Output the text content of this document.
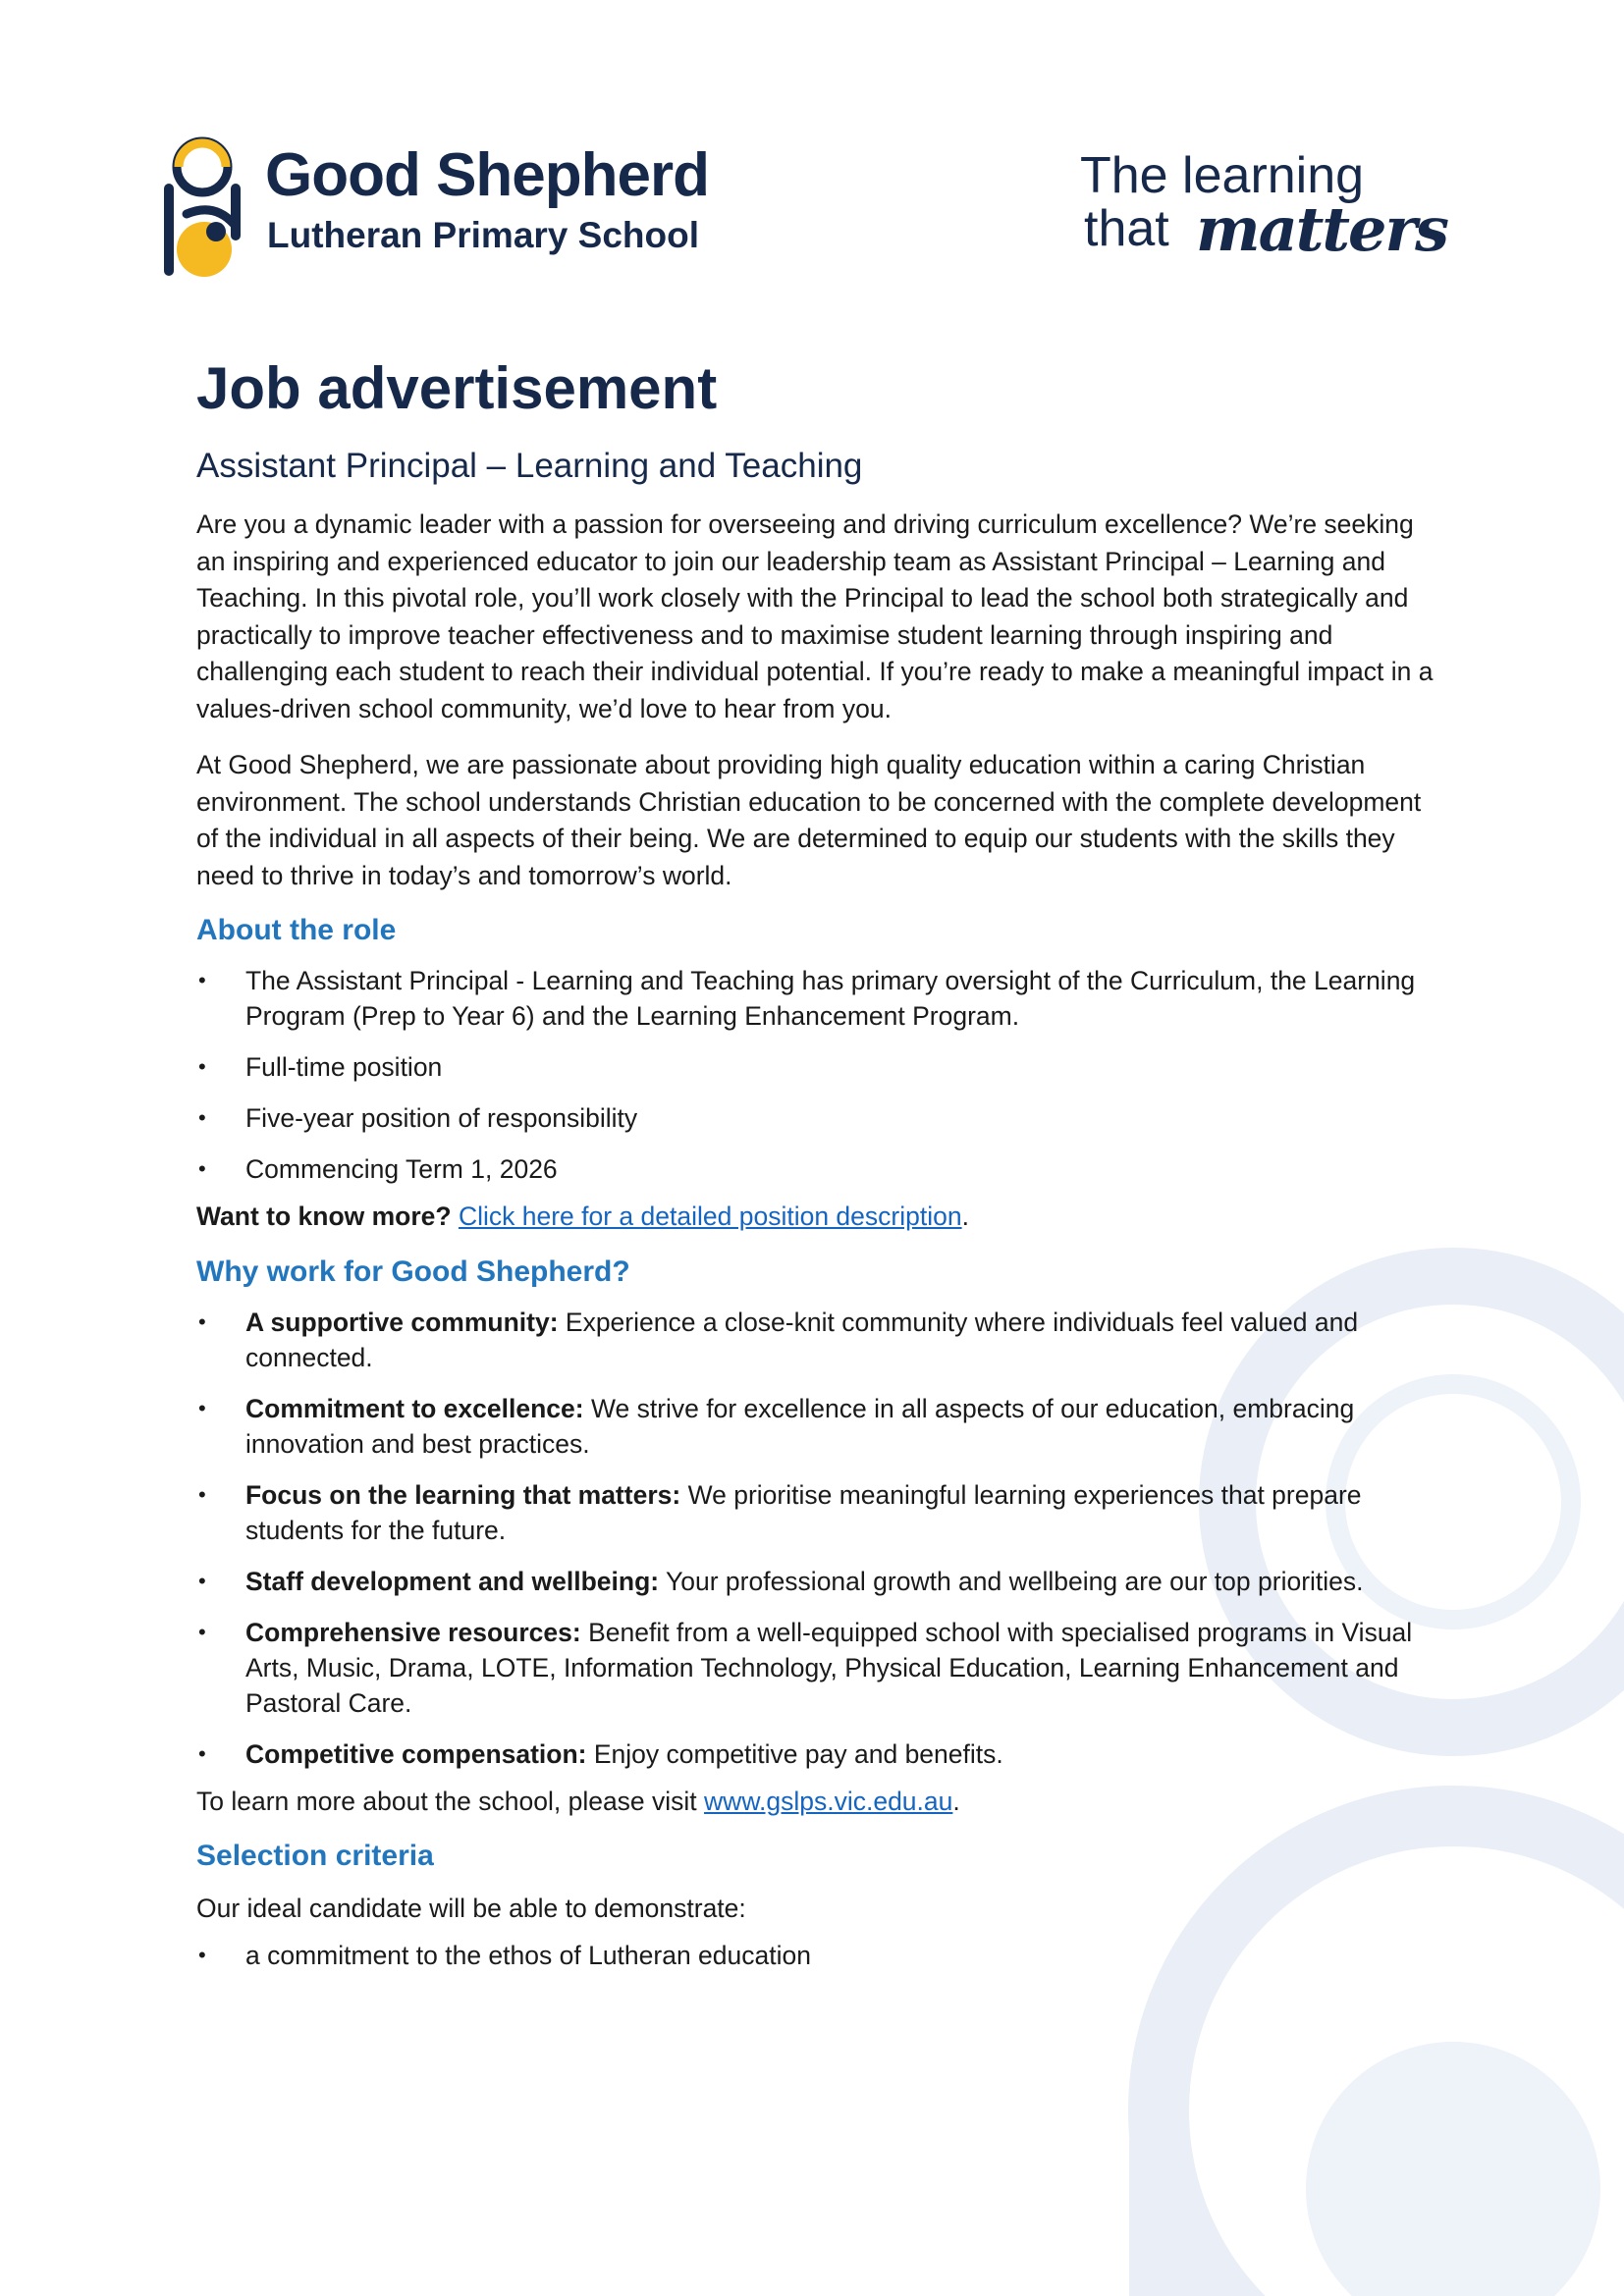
Good Shepherd
Lutheran Primary School
The learning
that matters
Job advertisement
Assistant Principal – Learning and Teaching

Are you a dynamic leader with a passion for overseeing and driving curriculum excellence? We’re seeking an inspiring and experienced educator to join our leadership team as Assistant Principal – Learning and Teaching. In this pivotal role, you’ll work closely with the Principal to lead the school both strategically and practically to improve teacher effectiveness and to maximise student learning through inspiring and challenging each student to reach their individual potential. If you’re ready to make a meaningful impact in a values-driven school community, we’d love to hear from you.

At Good Shepherd, we are passionate about providing high quality education within a caring Christian environment. The school understands Christian education to be concerned with the complete development of the individual in all aspects of their being. We are determined to equip our students with the skills they need to thrive in today’s and tomorrow’s world.

About the role
• The Assistant Principal - Learning and Teaching has primary oversight of the Curriculum, the Learning Program (Prep to Year 6) and the Learning Enhancement Program.
• Full-time position
• Five-year position of responsibility
• Commencing Term 1, 2026

Want to know more? Click here for a detailed position description.

Why work for Good Shepherd?
• A supportive community: Experience a close-knit community where individuals feel valued and connected.
• Commitment to excellence: We strive for excellence in all aspects of our education, embracing innovation and best practices.
• Focus on the learning that matters: We prioritise meaningful learning experiences that prepare students for the future.
• Staff development and wellbeing: Your professional growth and wellbeing are our top priorities.
• Comprehensive resources: Benefit from a well-equipped school with specialised programs in Visual Arts, Music, Drama, LOTE, Information Technology, Physical Education, Learning Enhancement and Pastoral Care.
• Competitive compensation: Enjoy competitive pay and benefits.

To learn more about the school, please visit www.gslps.vic.edu.au.

Selection criteria

Our ideal candidate will be able to demonstrate:

• a commitment to the ethos of Lutheran education
